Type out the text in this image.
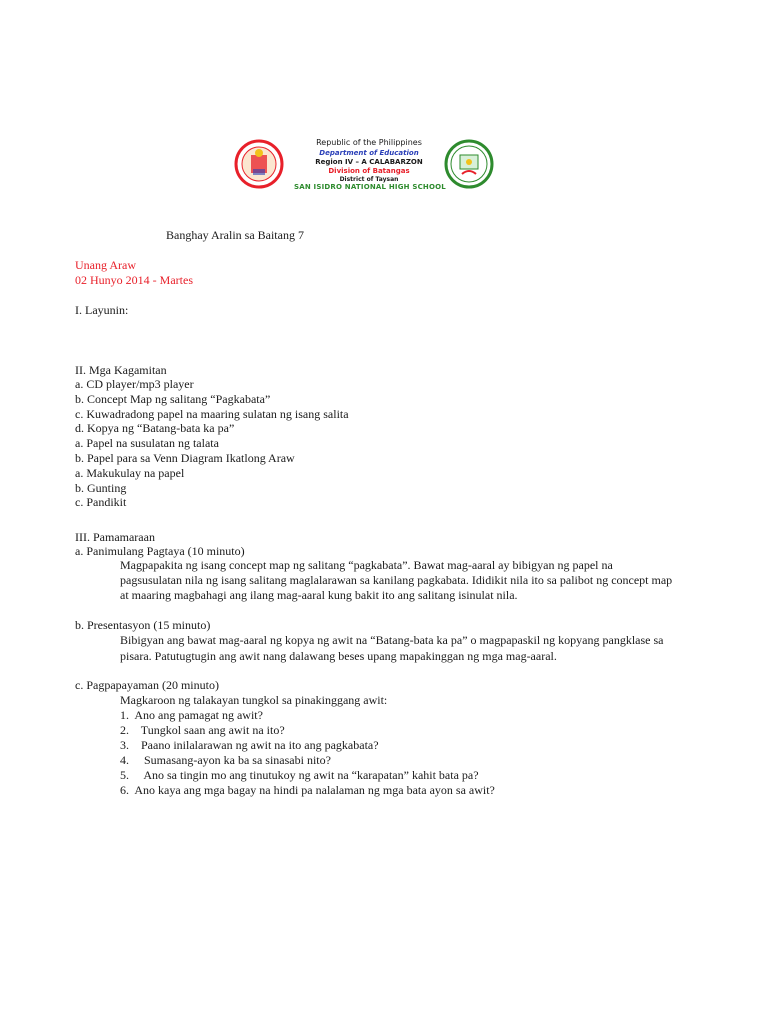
Republic of the Philippines
Department of Education
Region IV – A CALABARZON
Division of Batangas
District of Taysan
SAN ISIDRO NATIONAL HIGH SCHOOL
Banghay Aralin sa Baitang 7
Unang Araw
02 Hunyo 2014 - Martes
I. Layunin:
II. Mga Kagamitan
a. CD player/mp3 player
b. Concept Map ng salitang “Pagkabata”
c. Kuwadradong papel na maaring sulatan ng isang salita
d. Kopya ng “Batang-bata ka pa”
a. Papel na susulatan ng talata
b. Papel para sa Venn Diagram Ikatlong Araw
a. Makukulay na papel
b. Gunting
c. Pandikit
III. Pamamaraan
a. Panimulang Pagtaya (10 minuto)
Magpapakita ng isang concept map ng salitang “pagkabata”. Bawat mag-aaral ay bibigyan ng papel na
pagsusulatan nila ng isang salitang maglalarawan sa kanilang pagkabata. Ididikit nila ito sa palibot ng concept map
at maaring magbahagi ang ilang mag-aaral kung bakit ito ang salitang isinulat nila.
b. Presentasyon (15 minuto)
Bibigyan ang bawat mag-aaral ng kopya ng awit na “Batang-bata ka pa” o magpapaskil ng kopyang pangklase sa
pisara. Patutugtugin ang awit nang dalawang beses upang mapakinggan ng mga mag-aaral.
c. Pagpapayaman (20 minuto)
Magkaroon ng talakayan tungkol sa pinakinggang awit:
1.  Ano ang pamagat ng awit?
2.    Tungkol saan ang awit na ito?
3.    Paano inilalarawan ng awit na ito ang pagkabata?
4.     Sumasang-ayon ka ba sa sinasabi nito?
5.     Ano sa tingin mo ang tinutukoy ng awit na “karapatan” kahit bata pa?
6.  Ano kaya ang mga bagay na hindi pa nalalaman ng mga bata ayon sa awit?
